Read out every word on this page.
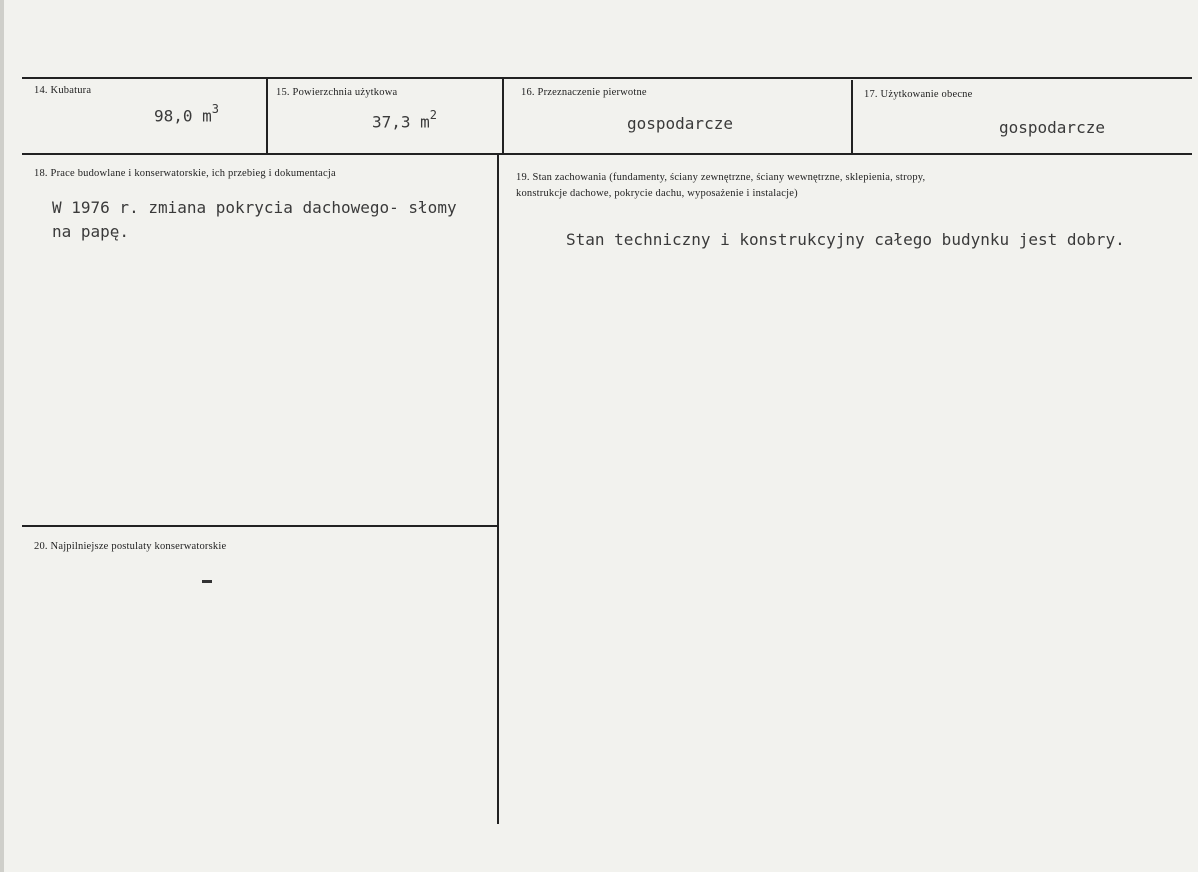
14. Kubatura
98,0 $m^3$
15. Powierzchnia użytkowa
37,3 $m^2$
16. Przeznaczenie pierwotne
gospodarcze
17. Użytkowanie obecne
gospodarcze
18. Prace budowlane i konserwatorskie, ich przebieg i dokumentacja
W 1976 r. zmiana pokrycia dachowego- słomy
na papę.
19. Stan zachowania (fundamenty, ściany zewnętrzne, ściany wewnętrzne, sklepienia, stropy,
konstrukcje dachowe, pokrycie dachu, wyposażenie i instalacje)
Stan techniczny i konstrukcyjny całego budynku jest dobry.
20. Najpilniejsze postulaty konserwatorskie
